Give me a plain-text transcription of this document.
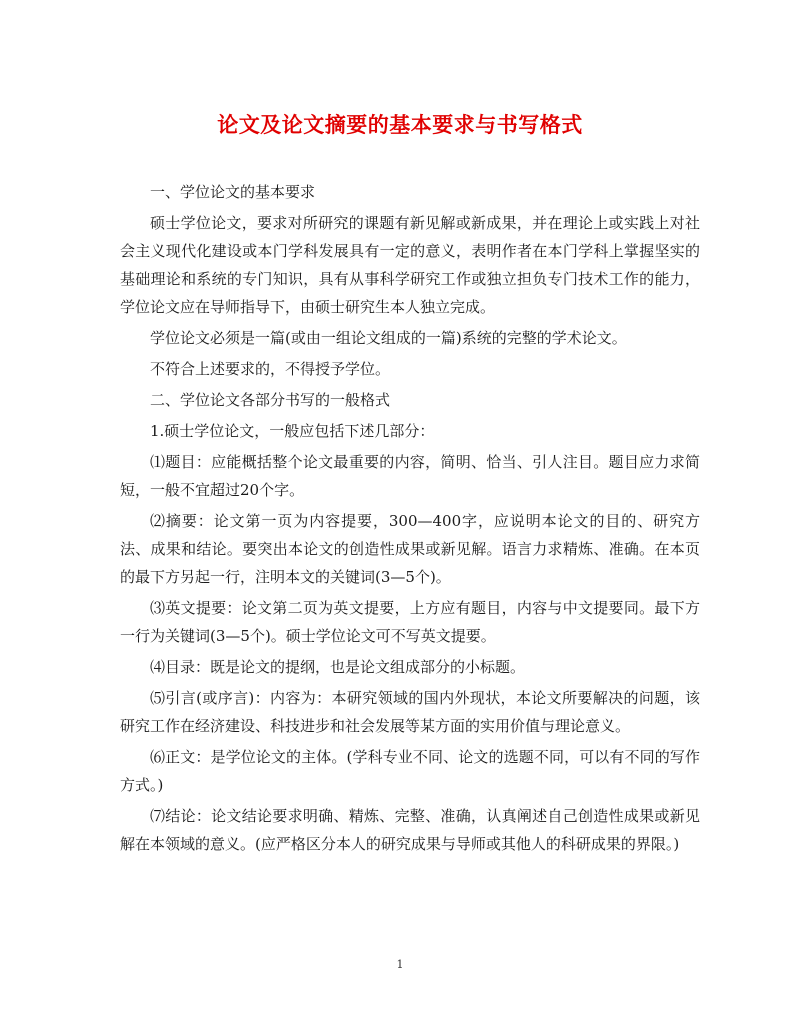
论文及论文摘要的基本要求与书写格式

一、学位论文的基本要求

硕士学位论文，要求对所研究的课题有新见解或新成果，并在理论上或实践上对社会主义现代化建设或本门学科发展具有一定的意义，表明作者在本门学科上掌握坚实的基础理论和系统的专门知识，具有从事科学研究工作或独立担负专门技术工作的能力，学位论文应在导师指导下，由硕士研究生本人独立完成。

学位论文必须是一篇(或由一组论文组成的一篇)系统的完整的学术论文。

不符合上述要求的，不得授予学位。

二、学位论文各部分书写的一般格式

1.硕士学位论文，一般应包括下述几部分：

⑴题目：应能概括整个论文最重要的内容，简明、恰当、引人注目。题目应力求简短，一般不宜超过20个字。

⑵摘要：论文第一页为内容提要，300—400字，应说明本论文的目的、研究方法、成果和结论。要突出本论文的创造性成果或新见解。语言力求精炼、准确。在本页的最下方另起一行，注明本文的关键词(3—5个)。

⑶英文提要：论文第二页为英文提要，上方应有题目，内容与中文提要同。最下方一行为关键词(3—5个)。硕士学位论文可不写英文提要。

⑷目录：既是论文的提纲，也是论文组成部分的小标题。

⑸引言(或序言)：内容为：本研究领域的国内外现状，本论文所要解决的问题，该研究工作在经济建设、科技进步和社会发展等某方面的实用价值与理论意义。

⑹正文：是学位论文的主体。(学科专业不同、论文的选题不同，可以有不同的写作方式。)

⑺结论：论文结论要求明确、精炼、完整、准确，认真阐述自己创造性成果或新见解在本领域的意义。(应严格区分本人的研究成果与导师或其他人的科研成果的界限。)

1
